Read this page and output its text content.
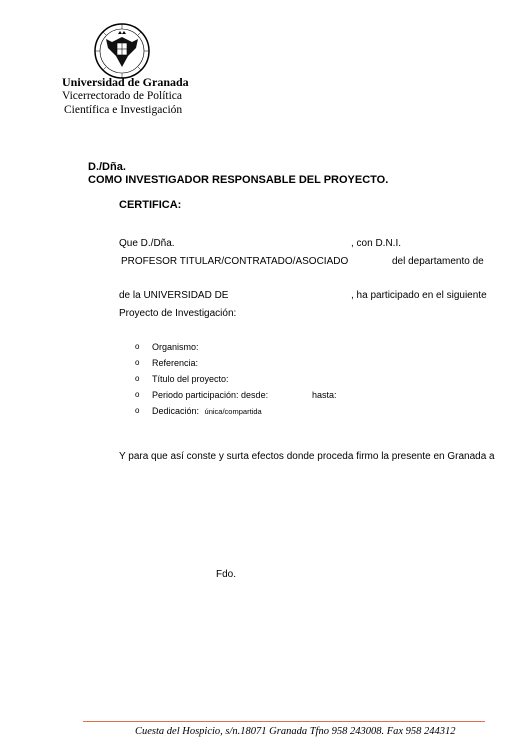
Universidad de Granada
Vicerrectorado de Política
Científica e Investigación
D./Dña.
COMO INVESTIGADOR RESPONSABLE DEL PROYECTO.
CERTIFICA:
Que D./Dña.	, con D.N.I.
PROFESOR TITULAR/CONTRATADO/ASOCIADO	del departamento de
de la UNIVERSIDAD DE	, ha participado en el siguiente
Proyecto de Investigación:
o Organismo:
o Referencia:
o Título del proyecto:
o Periodo participación: desde:	hasta:
o Dedicación: única/compartida
Y para que así conste y surta efectos donde proceda firmo la presente en Granada a
Fdo.
Cuesta del Hospicio, s/n.18071 Granada Tfno 958 243008. Fax 958 244312
